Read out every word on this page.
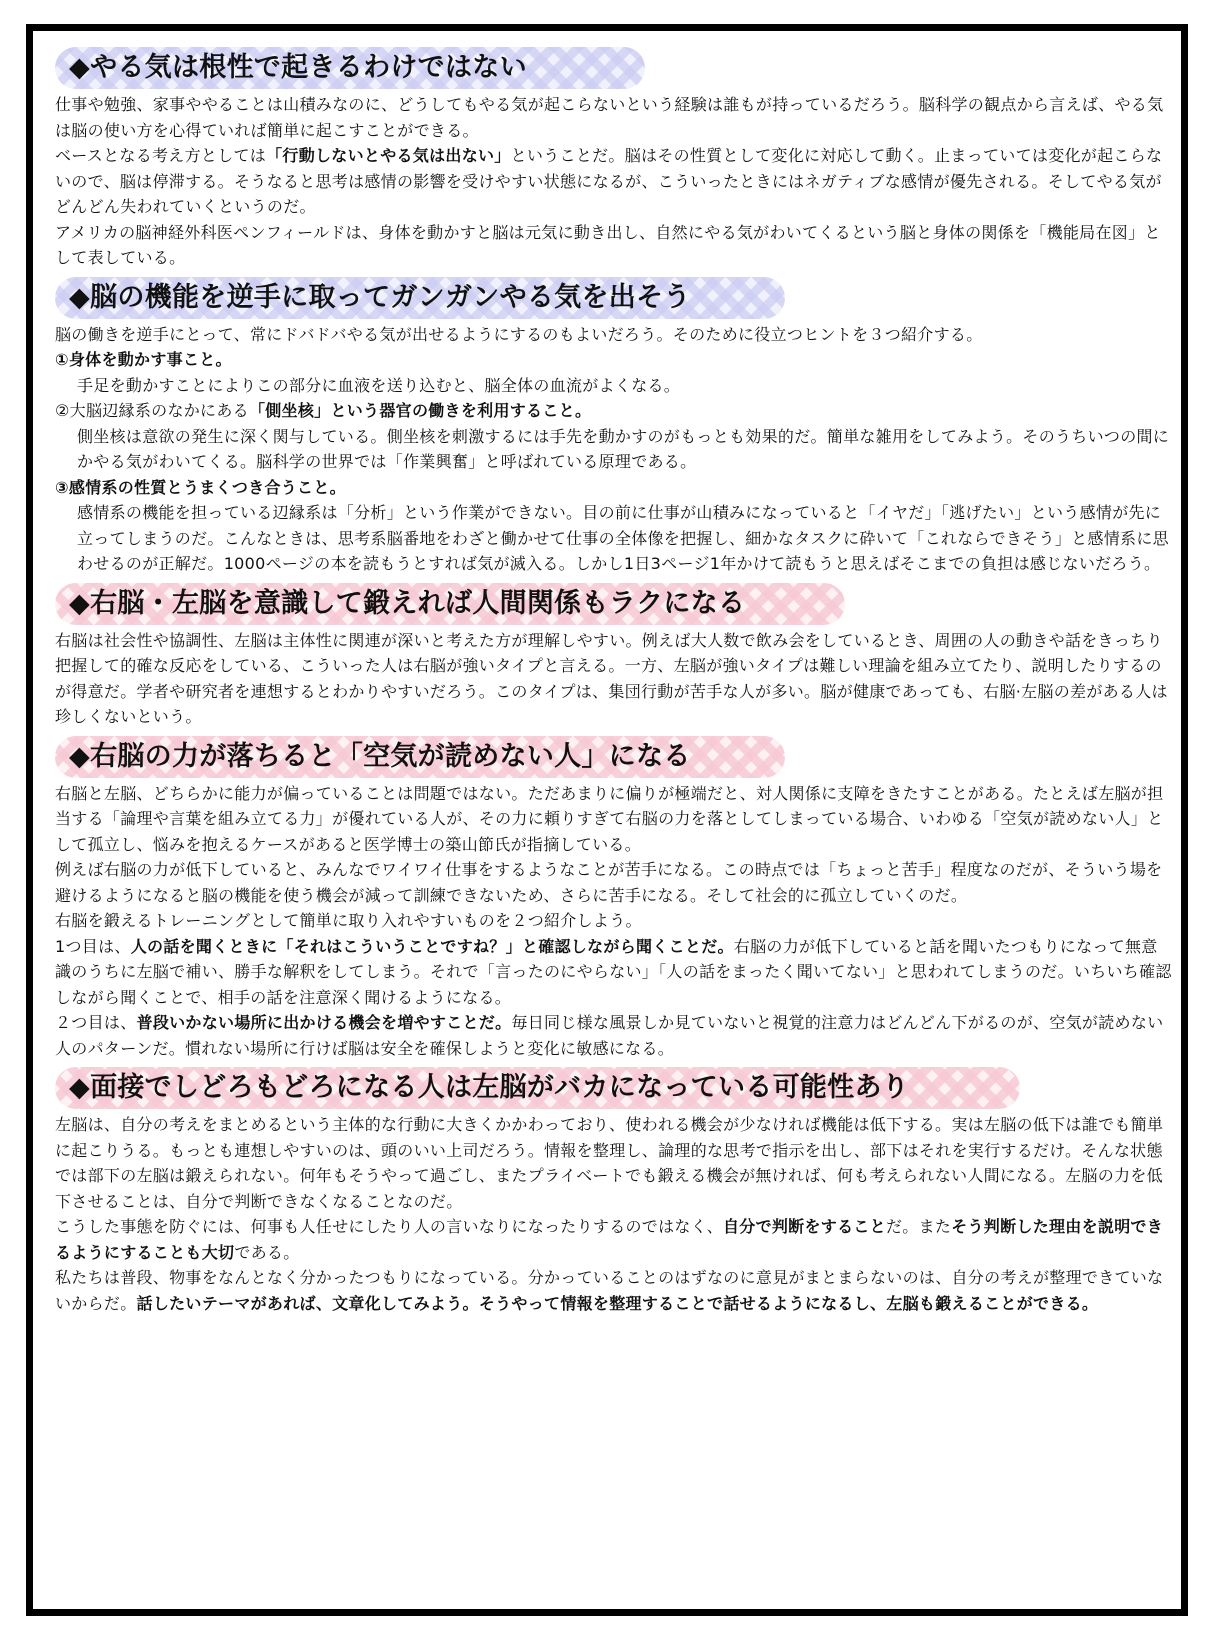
◆やる気は根性で起きるわけではない

仕事や勉強、家事ややることは山積みなのに、どうしてもやる気が起こらないという経験は誰もが持っているだろう。脳科学の観点から言えば、やる気は脳の使い方を心得ていれば簡単に起こすことができる。

ベースとなる考え方としては「行動しないとやる気は出ない」ということだ。脳はその性質として変化に対応して動く。止まっていては変化が起こらないので、脳は停滞する。そうなると思考は感情の影響を受けやすい状態になるが、こういったときにはネガティブな感情が優先される。そしてやる気がどんどん失われていくというのだ。

アメリカの脳神経外科医ペンフィールドは、身体を動かすと脳は元気に動き出し、自然にやる気がわいてくるという脳と身体の関係を「機能局在図」として表している。

◆脳の機能を逆手に取ってガンガンやる気を出そう

脳の働きを逆手にとって、常にドバドバやる気が出せるようにするのもよいだろう。そのために役立つヒントを３つ紹介する。

①身体を動かす事こと。

手足を動かすことによりこの部分に血液を送り込むと、脳全体の血流がよくなる。

②大脳辺縁系のなかにある「側坐核」という器官の働きを利用すること。

側坐核は意欲の発生に深く関与している。側坐核を刺激するには手先を動かすのがもっとも効果的だ。簡単な雑用をしてみよう。そのうちいつの間にかやる気がわいてくる。脳科学の世界では「作業興奮」と呼ばれている原理である。

③感情系の性質とうまくつき合うこと。

感情系の機能を担っている辺縁系は「分析」という作業ができない。目の前に仕事が山積みになっていると「イヤだ」「逃げたい」という感情が先に立ってしまうのだ。こんなときは、思考系脳番地をわざと働かせて仕事の全体像を把握し、細かなタスクに砕いて「これならできそう」と感情系に思わせるのが正解だ。1000ページの本を読もうとすれば気が滅入る。しかし1日3ページ1年かけて読もうと思えばそこまでの負担は感じないだろう。

◆右脳・左脳を意識して鍛えれば人間関係もラクになる

右脳は社会性や協調性、左脳は主体性に関連が深いと考えた方が理解しやすい。例えば大人数で飲み会をしているとき、周囲の人の動きや話をきっちり把握して的確な反応をしている、こういった人は右脳が強いタイプと言える。一方、左脳が強いタイプは難しい理論を組み立てたり、説明したりするのが得意だ。学者や研究者を連想するとわかりやすいだろう。このタイプは、集団行動が苦手な人が多い。脳が健康であっても、右脳·左脳の差がある人は珍しくないという。

◆右脳の力が落ちると「空気が読めない人」になる

右脳と左脳、どちらかに能力が偏っていることは問題ではない。ただあまりに偏りが極端だと、対人関係に支障をきたすことがある。たとえば左脳が担当する「論理や言葉を組み立てる力」が優れている人が、その力に頼りすぎて右脳の力を落としてしまっている場合、いわゆる「空気が読めない人」として孤立し、悩みを抱えるケースがあると医学博士の築山節氏が指摘している。

例えば右脳の力が低下していると、みんなでワイワイ仕事をするようなことが苦手になる。この時点では「ちょっと苦手」程度なのだが、そういう場を避けるようになると脳の機能を使う機会が減って訓練できないため、さらに苦手になる。そして社会的に孤立していくのだ。

右脳を鍛えるトレーニングとして簡単に取り入れやすいものを２つ紹介しよう。

1つ目は、人の話を聞くときに「それはこういうことですね？」と確認しながら聞くことだ。右脳の力が低下していると話を聞いたつもりになって無意識のうちに左脳で補い、勝手な解釈をしてしまう。それで「言ったのにやらない」「人の話をまったく聞いてない」と思われてしまうのだ。いちいち確認しながら聞くことで、相手の話を注意深く聞けるようになる。

２つ目は、普段いかない場所に出かける機会を増やすことだ。毎日同じ様な風景しか見ていないと視覚的注意力はどんどん下がるのが、空気が読めない人のパターンだ。慣れない場所に行けば脳は安全を確保しようと変化に敏感になる。

◆面接でしどろもどろになる人は左脳がバカになっている可能性あり

左脳は、自分の考えをまとめるという主体的な行動に大きくかかわっており、使われる機会が少なければ機能は低下する。実は左脳の低下は誰でも簡単に起こりうる。もっとも連想しやすいのは、頭のいい上司だろう。情報を整理し、論理的な思考で指示を出し、部下はそれを実行するだけ。そんな状態では部下の左脳は鍛えられない。何年もそうやって過ごし、またプライベートでも鍛える機会が無ければ、何も考えられない人間になる。左脳の力を低下させることは、自分で判断できなくなることなのだ。

こうした事態を防ぐには、何事も人任せにしたり人の言いなりになったりするのではなく、自分で判断をすることだ。またそう判断した理由を説明できるようにすることも大切である。

私たちは普段、物事をなんとなく分かったつもりになっている。分かっていることのはずなのに意見がまとまらないのは、自分の考えが整理できていないからだ。話したいテーマがあれば、文章化してみよう。そうやって情報を整理することで話せるようになるし、左脳も鍛えることができる。
